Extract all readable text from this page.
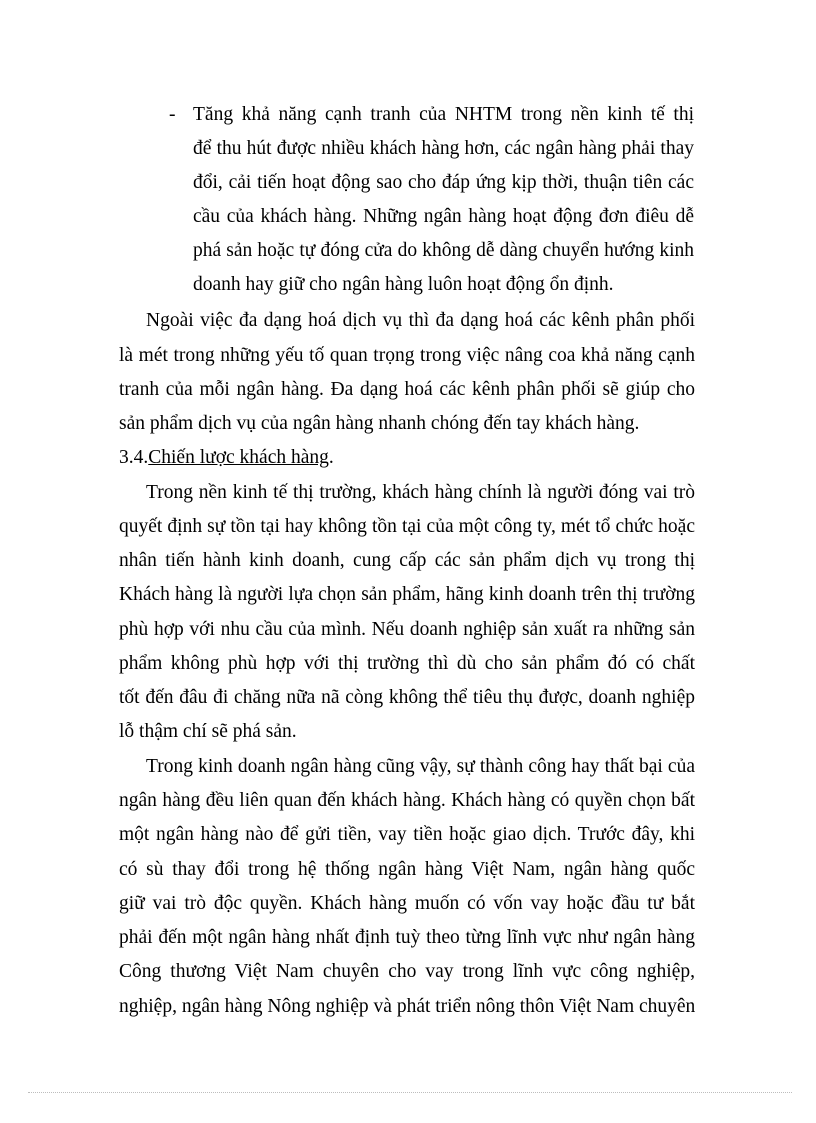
- Tăng khả năng cạnh tranh của NHTM trong nền kinh tế thị
để thu hút được nhiều khách hàng hơn, các ngân hàng phải thay
đổi, cải tiến hoạt động sao cho đáp ứng kịp thời, thuận tiên các
cầu của khách hàng. Những ngân hàng hoạt động đơn điêu dễ
phá sản hoặc tự đóng cửa do không dễ dàng chuyển hướng kinh
doanh hay giữ cho ngân hàng luôn hoạt động ổn định.
Ngoài việc đa dạng hoá dịch vụ thì đa dạng hoá các kênh phân phối
là mét trong những yếu tố quan trọng trong việc nâng coa khả năng cạnh
tranh của mỗi ngân hàng. Đa dạng hoá các kênh phân phối sẽ giúp cho
sản phẩm dịch vụ của ngân hàng nhanh chóng đến tay khách hàng.
3.4.Chiến lược khách hàng.
Trong nền kinh tế thị trường, khách hàng chính là người đóng vai trò
quyết định sự tồn tại hay không tồn tại của một công ty, mét tổ chức hoặc
nhân tiến hành kinh doanh, cung cấp các sản phẩm dịch vụ trong thị
Khách hàng là người lựa chọn sản phẩm, hãng kinh doanh trên thị trường
phù hợp với nhu cầu của mình. Nếu doanh nghiệp sản xuất ra những sản
phẩm không phù hợp với thị trường thì dù cho sản phẩm đó có chất
tốt đến đâu đi chăng nữa nã còng không thể tiêu thụ được, doanh nghiệp
lỗ thậm chí sẽ phá sản.
Trong kinh doanh ngân hàng cũng vậy, sự thành công hay thất bại của
ngân hàng đều liên quan đến khách hàng. Khách hàng có quyền chọn bất
một ngân hàng nào để gửi tiền, vay tiền hoặc giao dịch. Trước đây, khi
có sù thay đổi trong hệ thống ngân hàng Việt Nam, ngân hàng quốc
giữ vai trò độc quyền. Khách hàng muốn có vốn vay hoặc đầu tư bắt
phải đến một ngân hàng nhất định tuỳ theo từng lĩnh vực như ngân hàng
Công thương Việt Nam chuyên cho vay trong lĩnh vực công nghiệp,
nghiệp, ngân hàng Nông nghiệp và phát triển nông thôn Việt Nam chuyên
